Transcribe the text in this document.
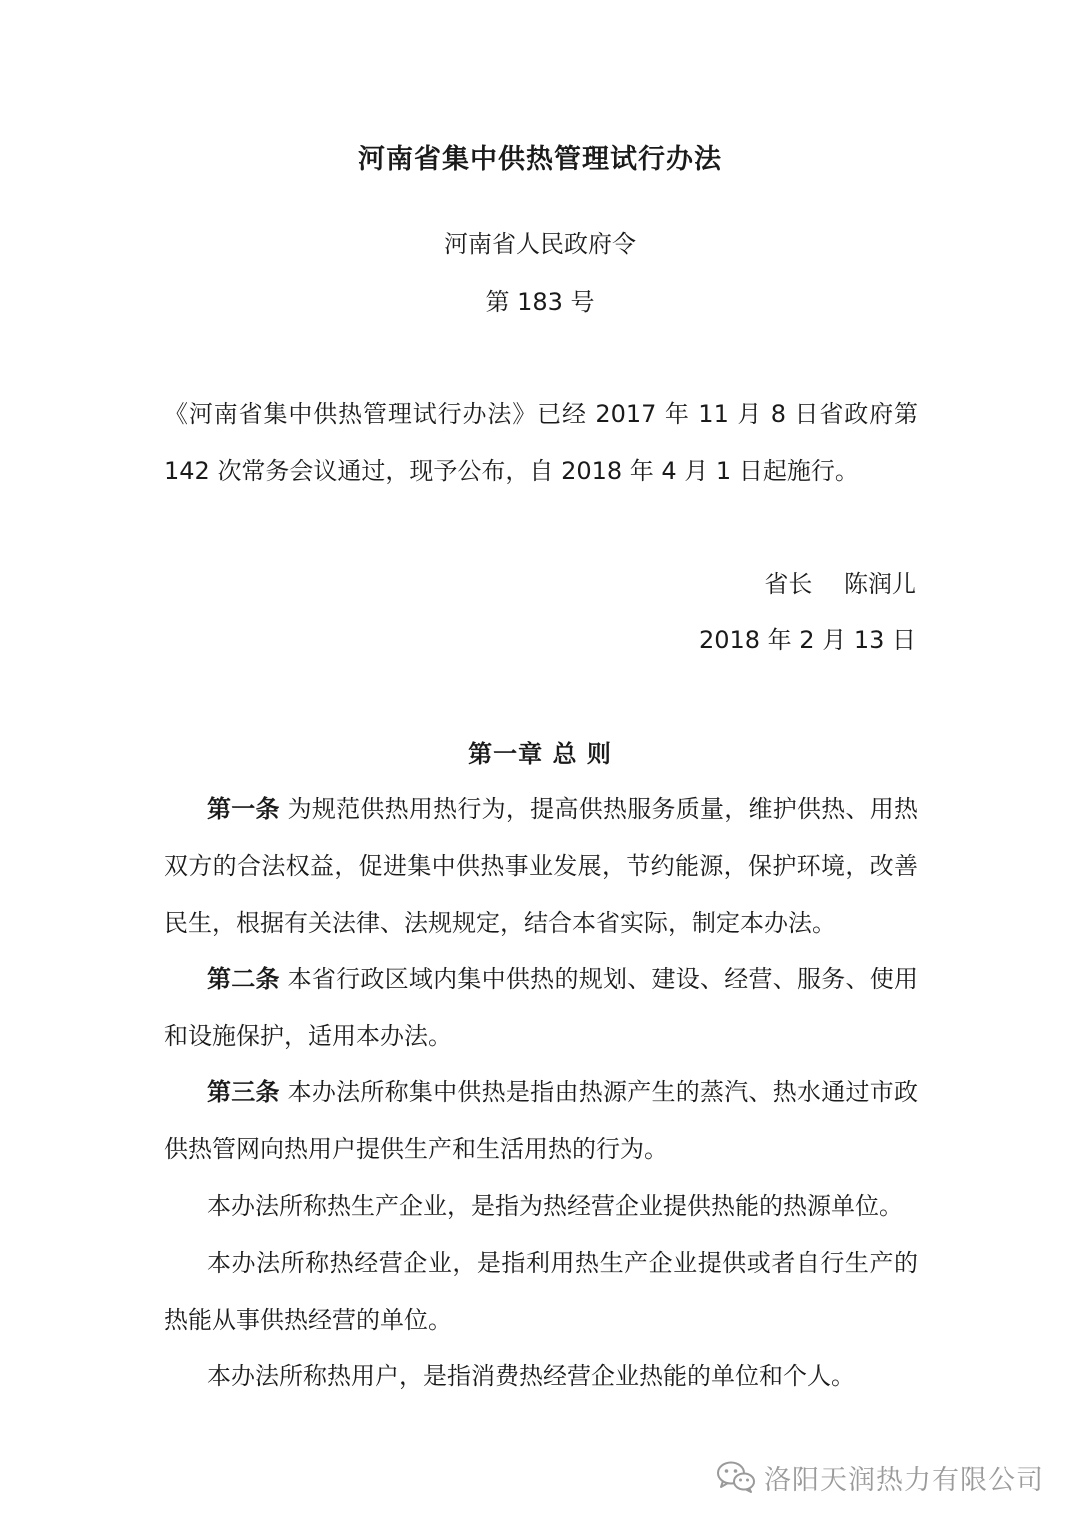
河南省集中供热管理试行办法
河南省人民政府令
第 183 号
《河南省集中供热管理试行办法》已经 2017 年 11 月 8 日省政府第 142 次常务会议通过，现予公布，自 2018 年 4 月 1 日起施行。
省长　 陈润儿
2018 年 2 月 13 日
第一章 总 则
第一条 为规范供热用热行为，提高供热服务质量，维护供热、用热双方的合法权益，促进集中供热事业发展，节约能源，保护环境，改善民生，根据有关法律、法规规定，结合本省实际，制定本办法。
第二条 本省行政区域内集中供热的规划、建设、经营、服务、使用和设施保护，适用本办法。
第三条 本办法所称集中供热是指由热源产生的蒸汽、热水通过市政供热管网向热用户提供生产和生活用热的行为。
本办法所称热生产企业，是指为热经营企业提供热能的热源单位。
本办法所称热经营企业，是指利用热生产企业提供或者自行生产的热能从事供热经营的单位。
本办法所称热用户，是指消费热经营企业热能的单位和个人。
洛阳天润热力有限公司
